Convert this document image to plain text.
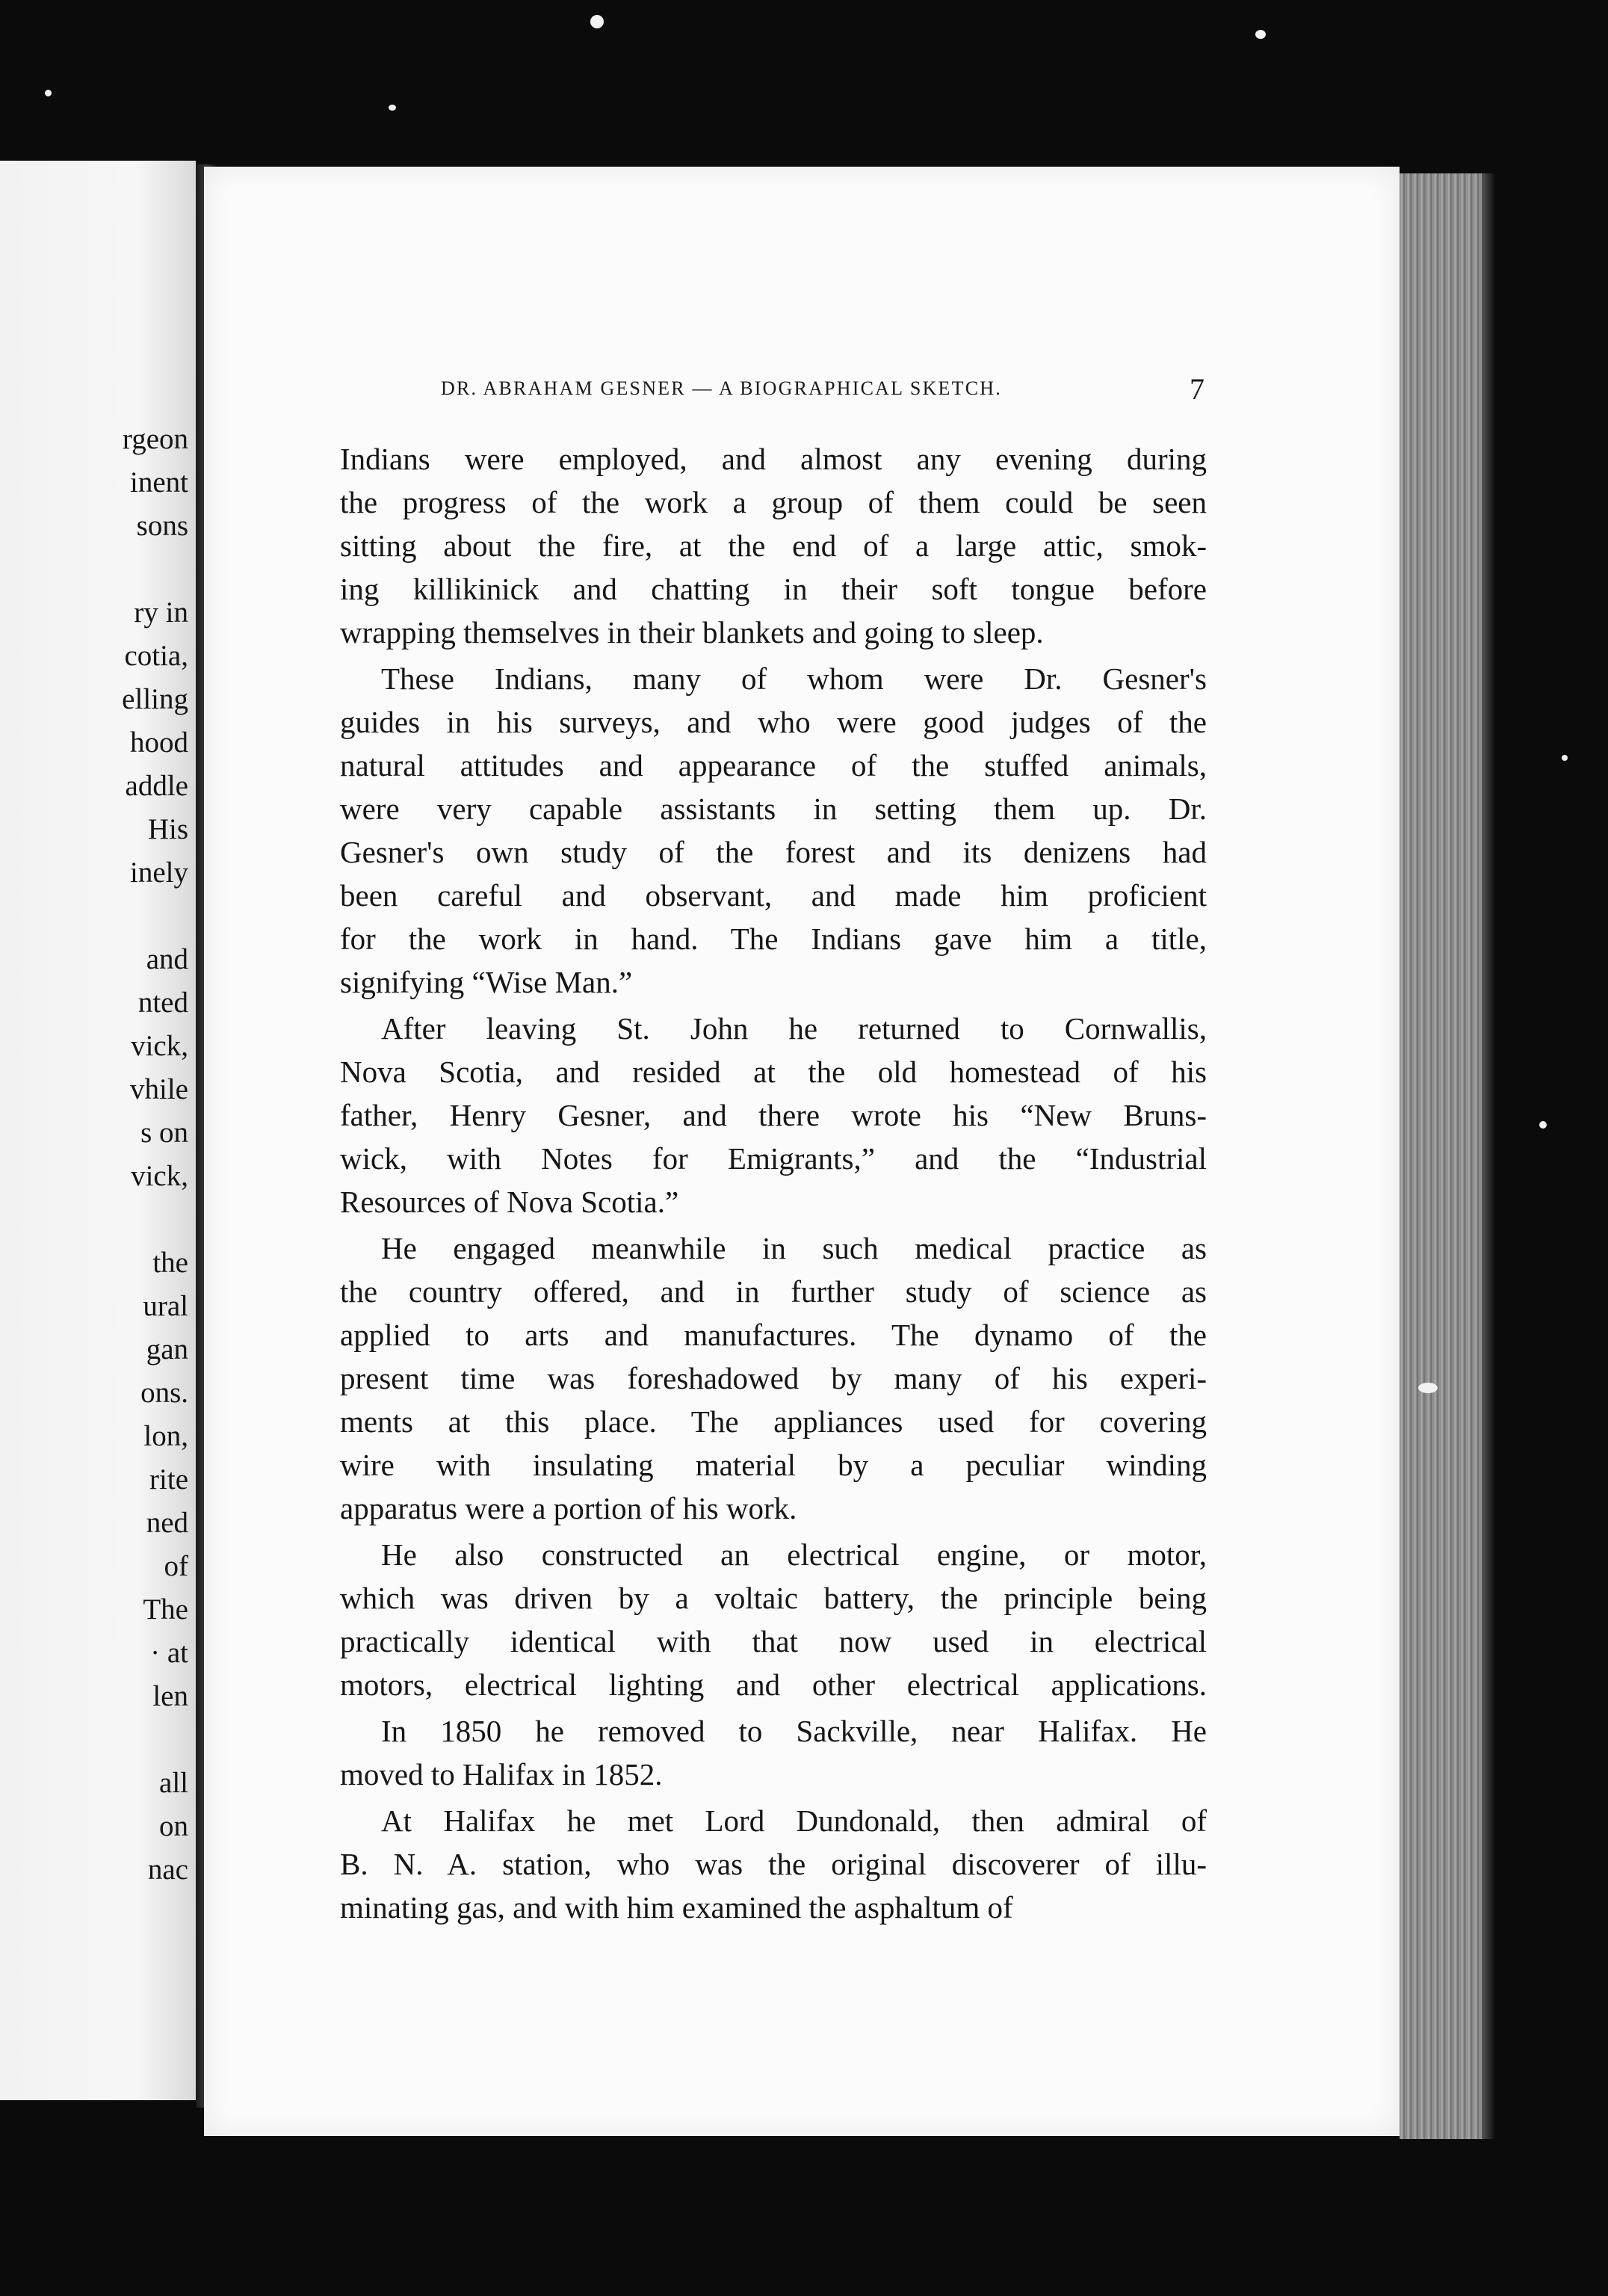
DR. ABRAHAM GESNER — A BIOGRAPHICAL SKETCH.	7
Indians were employed, and almost any evening during
the progress of the work a group of them could be seen
sitting about the fire, at the end of a large attic, smok-
ing killikinick and chatting in their soft tongue before
wrapping themselves in their blankets and going to sleep.
These Indians, many of whom were Dr. Gesner's
guides in his surveys, and who were good judges of the
natural attitudes and appearance of the stuffed animals,
were very capable assistants in setting them up. Dr.
Gesner's own study of the forest and its denizens had
been careful and observant, and made him proficient
for the work in hand. The Indians gave him a title,
signifying “Wise Man.”
After leaving St. John he returned to Cornwallis,
Nova Scotia, and resided at the old homestead of his
father, Henry Gesner, and there wrote his “New Bruns-
wick, with Notes for Emigrants,” and the “Industrial
Resources of Nova Scotia.”
He engaged meanwhile in such medical practice as
the country offered, and in further study of science as
applied to arts and manufactures. The dynamo of the
present time was foreshadowed by many of his experi-
ments at this place. The appliances used for covering
wire with insulating material by a peculiar winding
apparatus were a portion of his work.
He also constructed an electrical engine, or motor,
which was driven by a voltaic battery, the principle being
practically identical with that now used in electrical
motors, electrical lighting and other electrical applications.
In 1850 he removed to Sackville, near Halifax. He
moved to Halifax in 1852.
At Halifax he met Lord Dundonald, then admiral of
B. N. A. station, who was the original discoverer of illu-
minating gas, and with him examined the asphaltum of
rgeon
inent
sons
ry in
cotia,
elling
hood
addle
His
inely
and
nted
vick,
vhile
s on
vick,
the
ural
gan
ons.
lon,
rite
ned
of
The
· at
len
all
on
nac
